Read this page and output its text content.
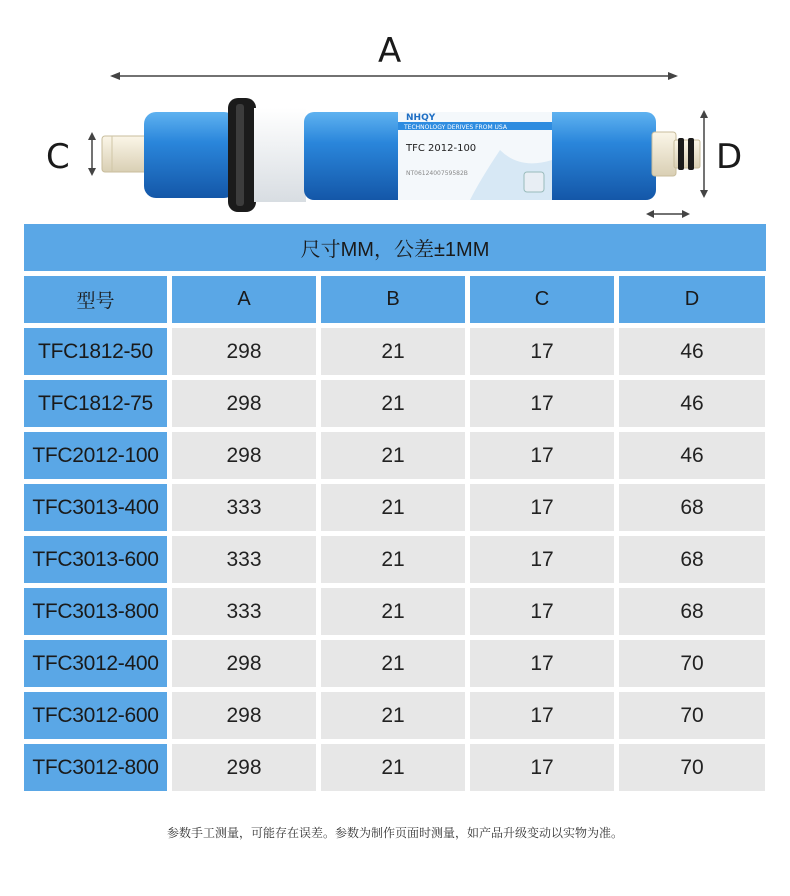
NHQY
TECHNOLOGY DERIVES FROM USA
TFC 2012-100
NT0612400759582B
A
C	D
尺寸MM，公差±1MM
型号	A	B	C	D
TFC1812-50	298	21	17	46
TFC1812-75	298	21	17	46
TFC2012-100	298	21	17	46
TFC3013-400	333	21	17	68
TFC3013-600	333	21	17	68
TFC3013-800	333	21	17	68
TFC3012-400	298	21	17	70
TFC3012-600	298	21	17	70
TFC3012-800	298	21	17	70
参数手工测量，可能存在误差。参数为制作页面时测量，如产品升级变动以实物为准。
